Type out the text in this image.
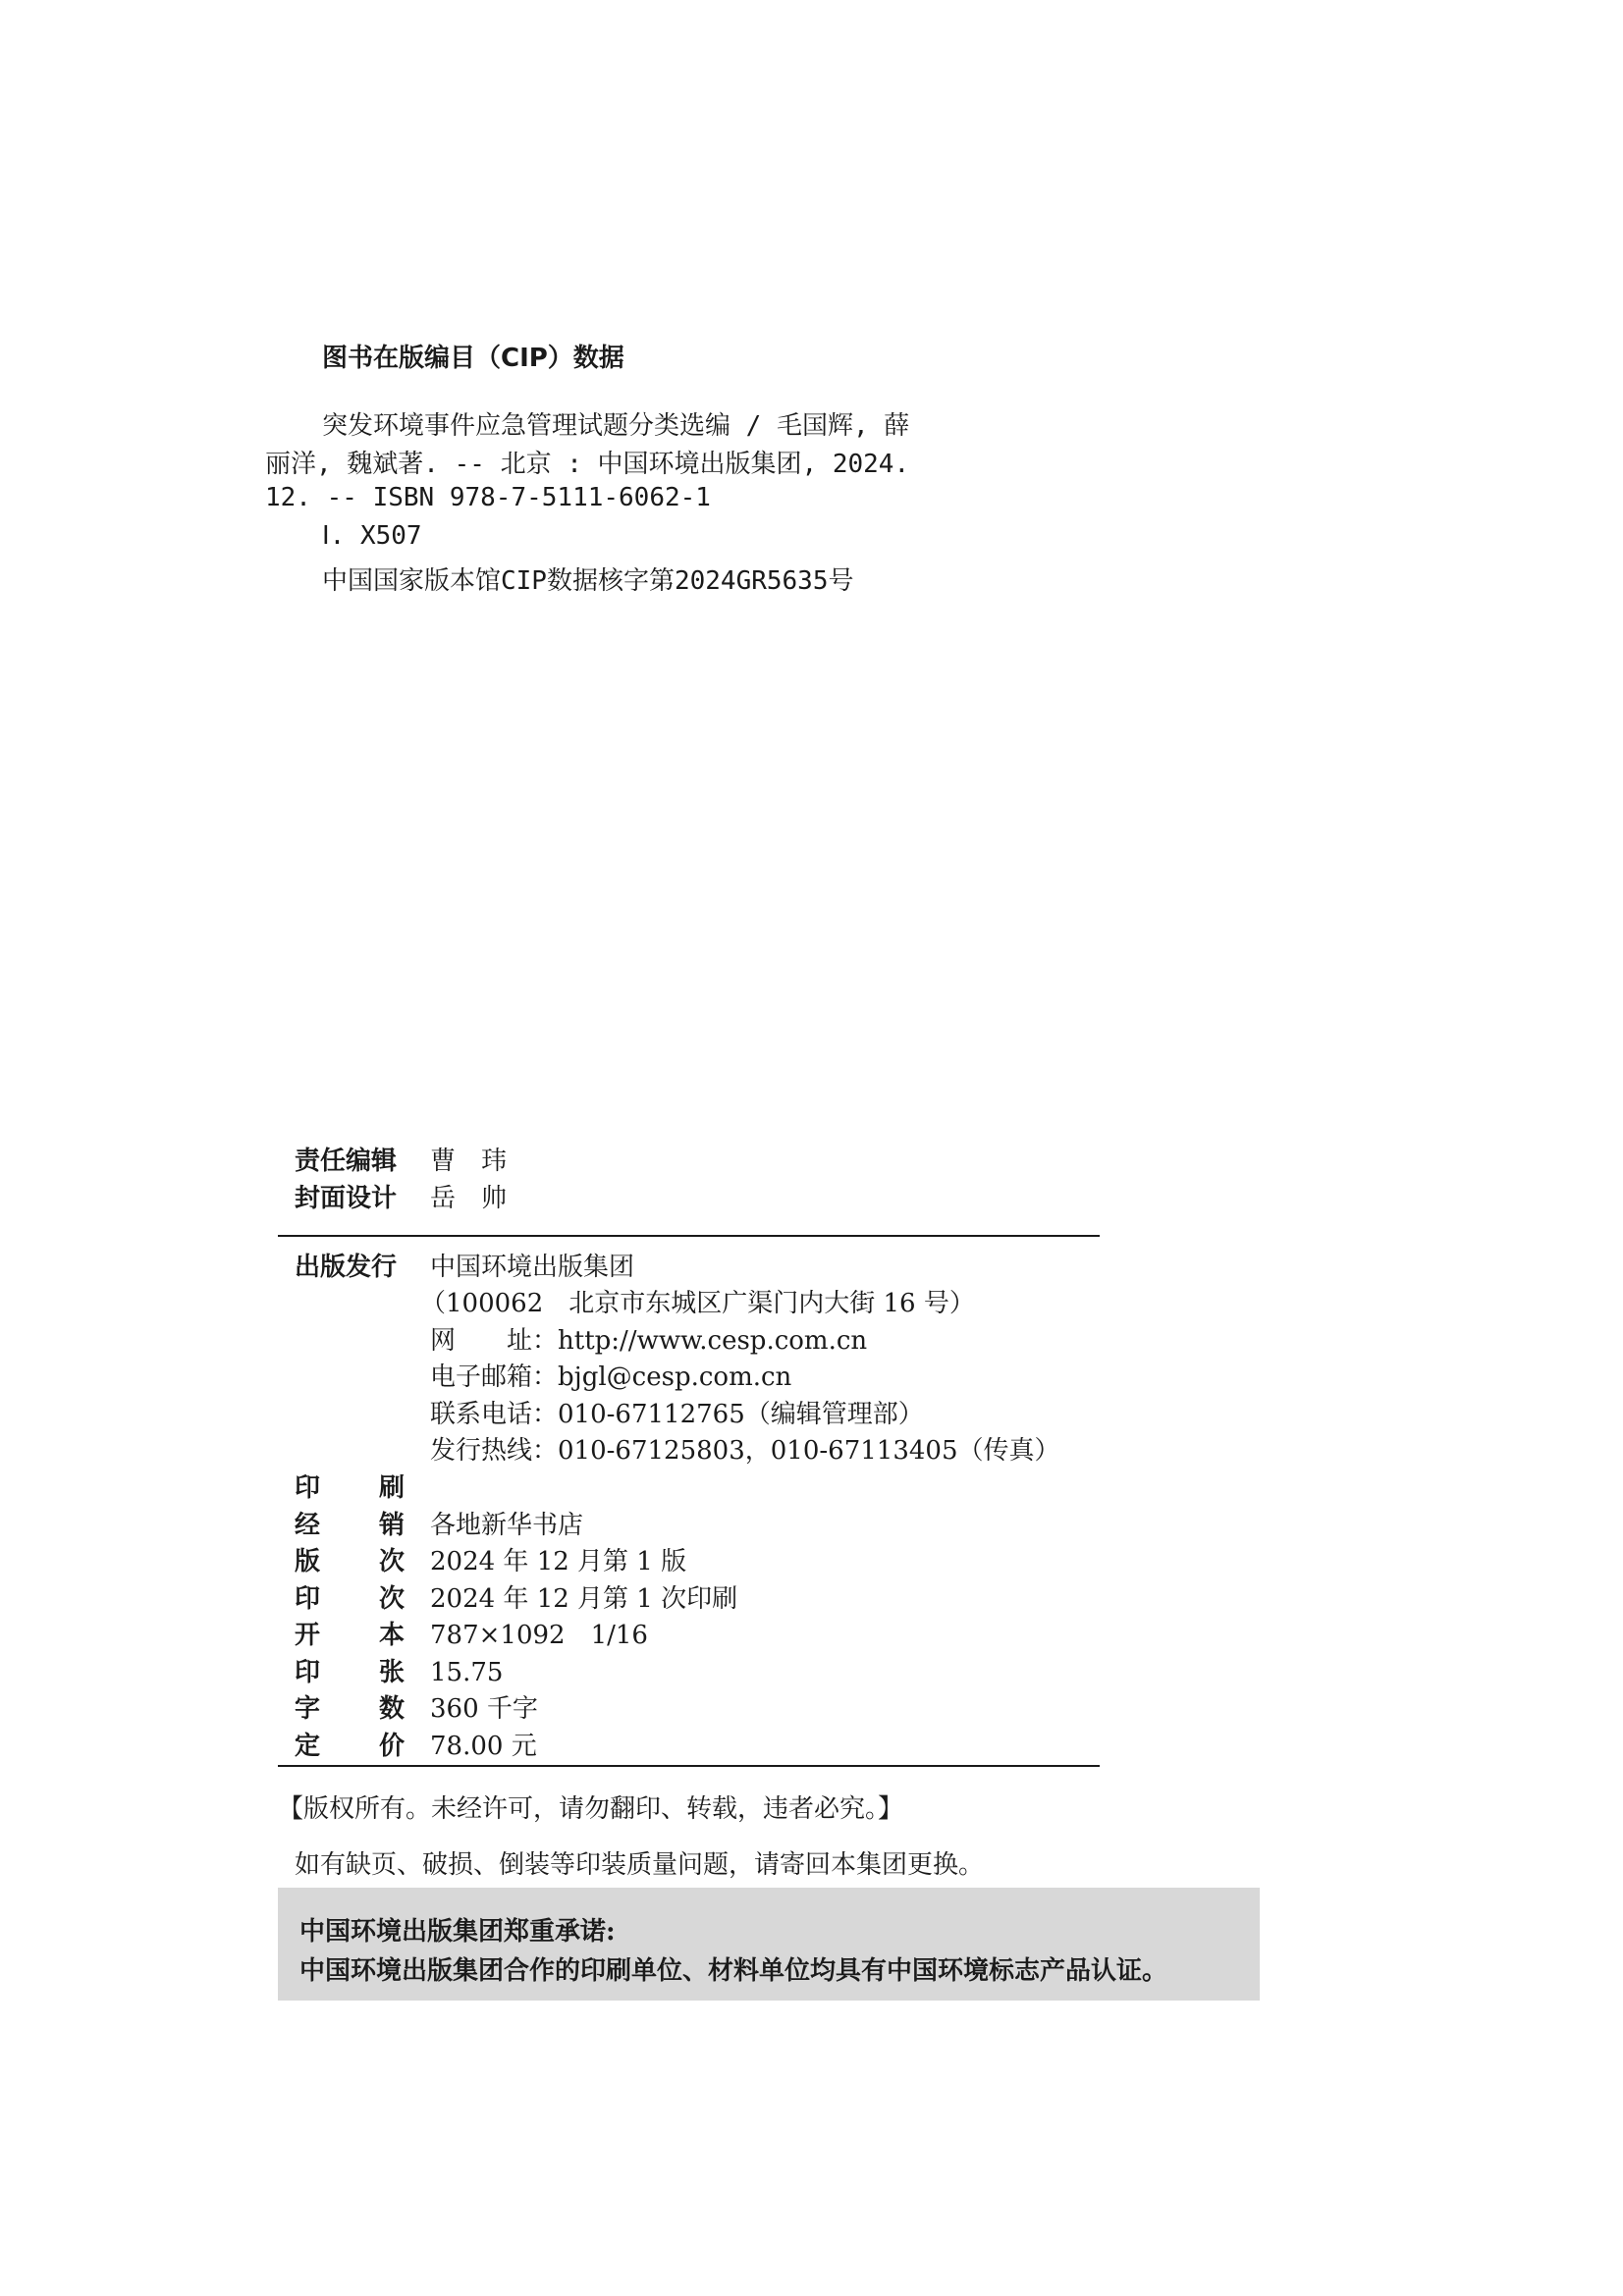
图书在版编目（CIP）数据
突发环境事件应急管理试题分类选编 / 毛国辉, 薛
丽洋, 魏斌著. -- 北京 : 中国环境出版集团, 2024.
12. -- ISBN 978-7-5111-6062-1
Ⅰ. X507
中国国家版本馆CIP数据核字第2024GR5635号
责任编辑	曹　玮
封面设计	岳　帅
出版发行	中国环境出版集团
（100062　北京市东城区广渠门内大街 16 号）
网　　址：http://www.cesp.com.cn
电子邮箱：bjgl@cesp.com.cn
联系电话：010-67112765（编辑管理部）
发行热线：010-67125803，010-67113405（传真）
印刷
经销 各地新华书店
版次 2024 年 12 月第 1 版
印次 2024 年 12 月第 1 次印刷
开本 787×1092　1/16
印张 15.75
字数 360 千字
定价 78.00 元
【版权所有。未经许可，请勿翻印、转载，违者必究。】
如有缺页、破损、倒装等印装质量问题，请寄回本集团更换。
中国环境出版集团郑重承诺:
中国环境出版集团合作的印刷单位、材料单位均具有中国环境标志产品认证。
